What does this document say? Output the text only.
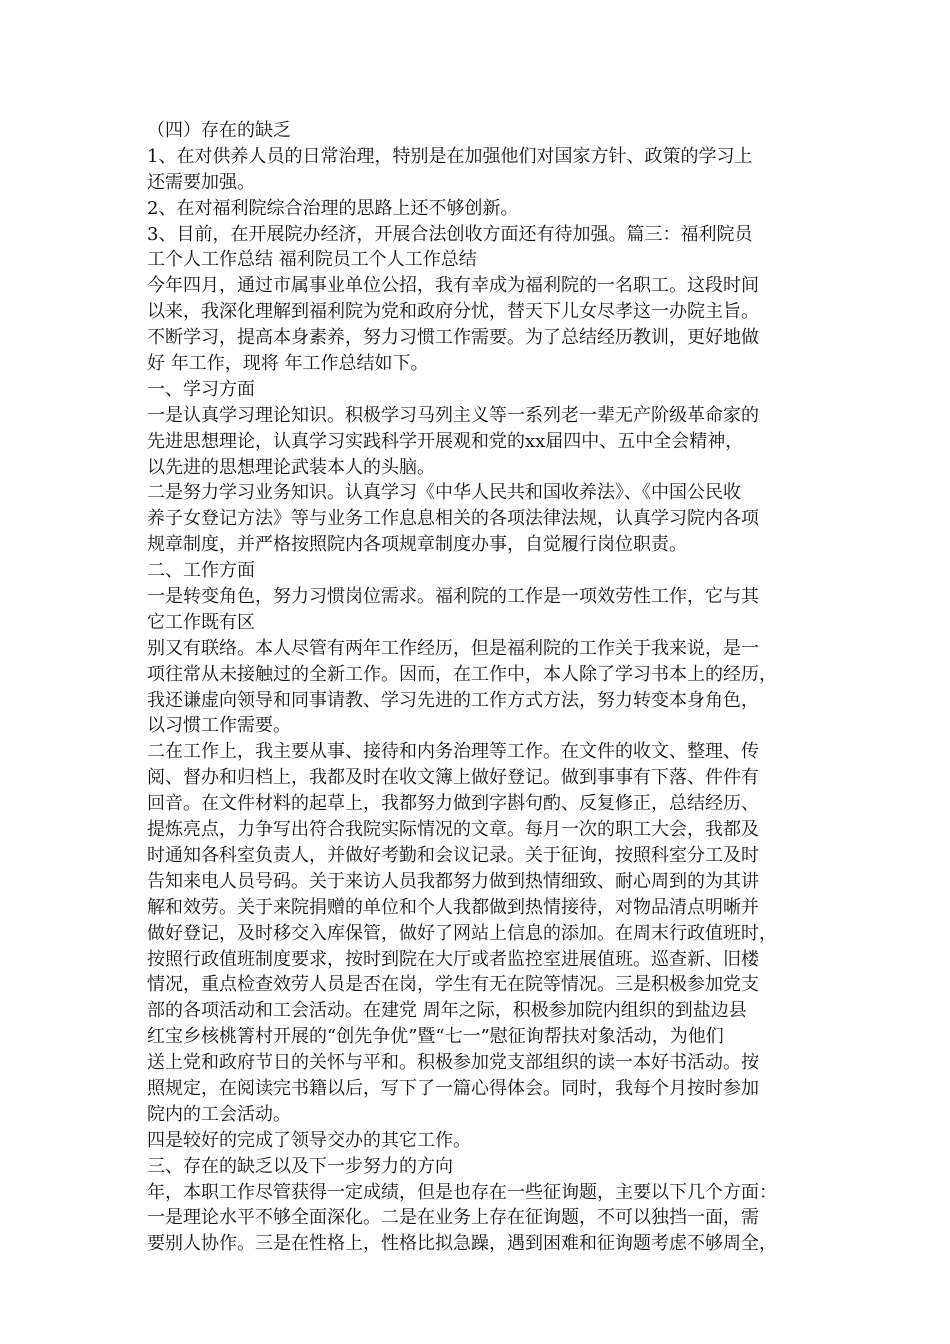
（四）存在的缺乏
1、在对供养人员的日常治理，特别是在加强他们对国家方针、政策的学习上
还需要加强。
2、在对福利院综合治理的思路上还不够创新。
3、目前，在开展院办经济，开展合法创收方面还有待加强。篇三：福利院员
工个人工作总结 福利院员工个人工作总结
今年四月，通过市属事业单位公招，我有幸成为福利院的一名职工。这段时间
以来，我深化理解到福利院为党和政府分忧，替天下儿女尽孝这一办院主旨。
不断学习，提高本身素养，努力习惯工作需要。为了总结经历教训，更好地做
好 年工作，现将 年工作总结如下。
一、学习方面
一是认真学习理论知识。积极学习马列主义等一系列老一辈无产阶级革命家的
先进思想理论，认真学习实践科学开展观和党的xx届四中、五中全会精神，
以先进的思想理论武装本人的头脑。
二是努力学习业务知识。认真学习《中华人民共和国收养法》、《中国公民收
养子女登记方法》等与业务工作息息相关的各项法律法规，认真学习院内各项
规章制度，并严格按照院内各项规章制度办事，自觉履行岗位职责。
二、工作方面
一是转变角色，努力习惯岗位需求。福利院的工作是一项效劳性工作，它与其
它工作既有区
别又有联络。本人尽管有两年工作经历，但是福利院的工作关于我来说，是一
项往常从未接触过的全新工作。因而，在工作中，本人除了学习书本上的经历，
我还谦虚向领导和同事请教、学习先进的工作方式方法，努力转变本身角色，
以习惯工作需要。
二在工作上，我主要从事、接待和内务治理等工作。在文件的收文、整理、传
阅、督办和归档上，我都及时在收文簿上做好登记。做到事事有下落、件件有
回音。在文件材料的起草上，我都努力做到字斟句酌、反复修正，总结经历、
提炼亮点，力争写出符合我院实际情况的文章。每月一次的职工大会，我都及
时通知各科室负责人，并做好考勤和会议记录。关于征询，按照科室分工及时
告知来电人员号码。关于来访人员我都努力做到热情细致、耐心周到的为其讲
解和效劳。关于来院捐赠的单位和个人我都做到热情接待，对物品清点明晰并
做好登记，及时移交入库保管，做好了网站上信息的添加。在周末行政值班时，
按照行政值班制度要求，按时到院在大厅或者监控室进展值班。巡查新、旧楼
情况，重点检查效劳人员是否在岗，学生有无在院等情况。三是积极参加党支
部的各项活动和工会活动。在建党 周年之际，积极参加院内组织的到盐边县
红宝乡核桃箐村开展的“创先争优”暨“七一”慰征询帮扶对象活动，为他们
送上党和政府节日的关怀与平和。积极参加党支部组织的读一本好书活动。按
照规定，在阅读完书籍以后，写下了一篇心得体会。同时，我每个月按时参加
院内的工会活动。
四是较好的完成了领导交办的其它工作。
三、存在的缺乏以及下一步努力的方向
年，本职工作尽管获得一定成绩，但是也存在一些征询题，主要以下几个方面：
一是理论水平不够全面深化。二是在业务上存在征询题，不可以独挡一面，需
要别人协作。三是在性格上，性格比拟急躁，遇到困难和征询题考虑不够周全，
